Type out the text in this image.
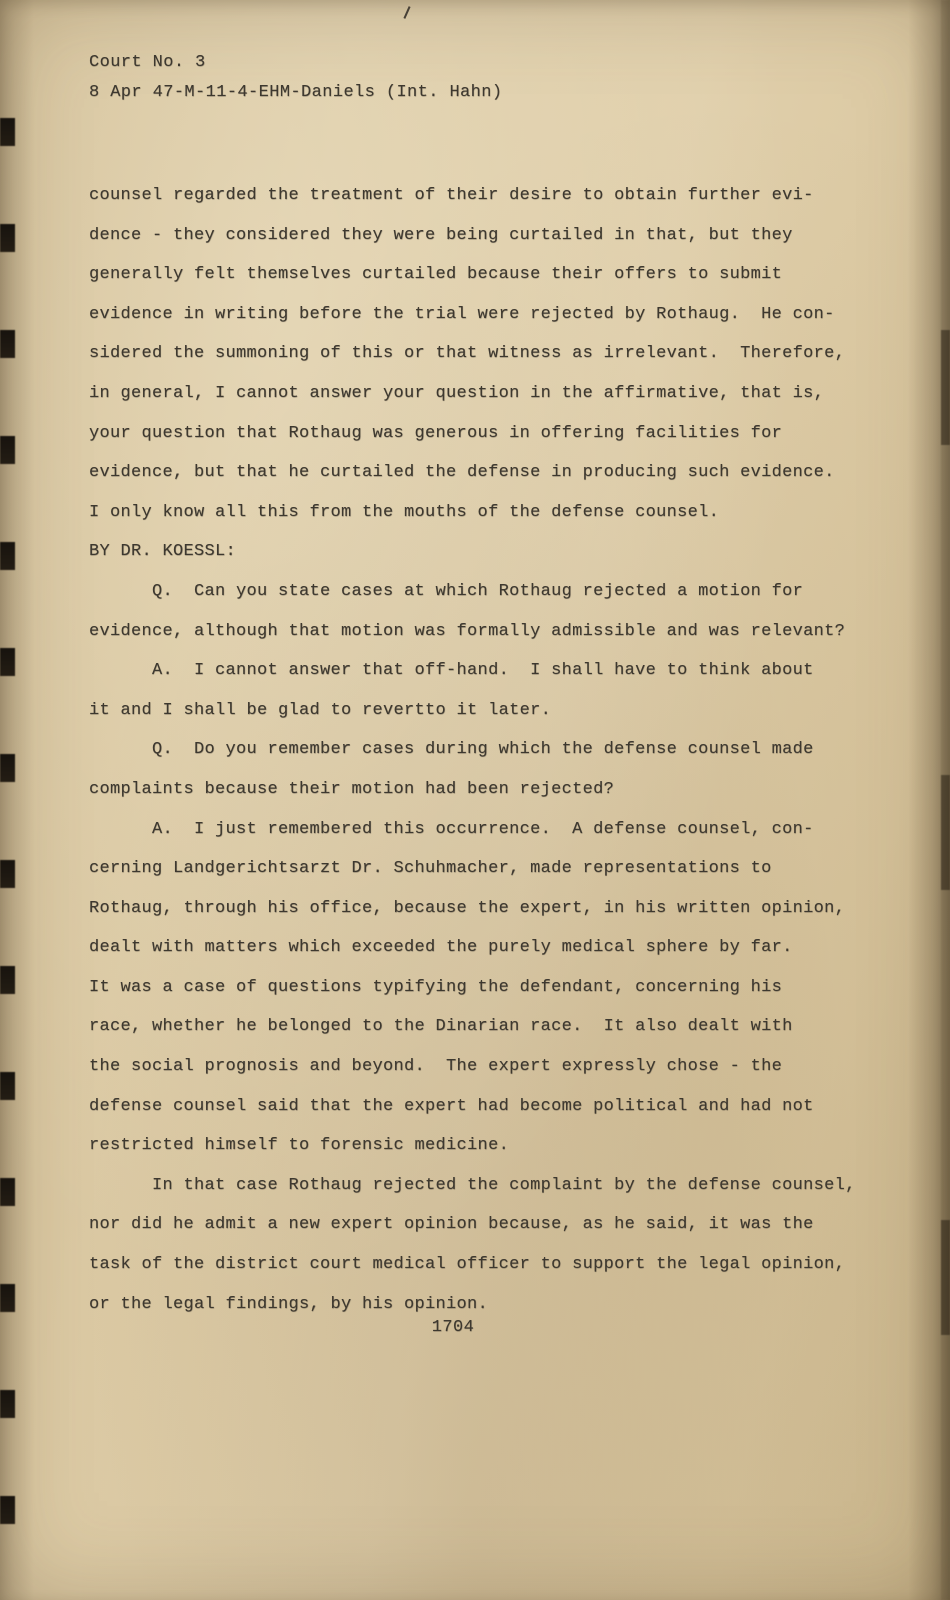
Court No. 3
8 Apr 47-M-11-4-EHM-Daniels (Int. Hahn)
counsel regarded the treatment of their desire to obtain further evi-
dence - they considered they were being curtailed in that, but they
generally felt themselves curtailed because their offers to submit
evidence in writing before the trial were rejected by Rothaug.  He con-
sidered the summoning of this or that witness as irrelevant.  Therefore,
in general, I cannot answer your question in the affirmative, that is,
your question that Rothaug was generous in offering facilities for
evidence, but that he curtailed the defense in producing such evidence.
I only know all this from the mouths of the defense counsel.
BY DR. KOESSL:
Q.  Can you state cases at which Rothaug rejected a motion for
evidence, although that motion was formally admissible and was relevant?
A.  I cannot answer that off-hand.  I shall have to think about
it and I shall be glad to revertto it later.
Q.  Do you remember cases during which the defense counsel made
complaints because their motion had been rejected?
A.  I just remembered this occurrence.  A defense counsel, con-
cerning Landgerichtsarzt Dr. Schuhmacher, made representations to
Rothaug, through his office, because the expert, in his written opinion,
dealt with matters which exceeded the purely medical sphere by far.
It was a case of questions typifying the defendant, concerning his
race, whether he belonged to the Dinarian race.  It also dealt with
the social prognosis and beyond.  The expert expressly chose - the
defense counsel said that the expert had become political and had not
restricted himself to forensic medicine.
In that case Rothaug rejected the complaint by the defense counsel,
nor did he admit a new expert opinion because, as he said, it was the
task of the district court medical officer to support the legal opinion,
or the legal findings, by his opinion.
1704
